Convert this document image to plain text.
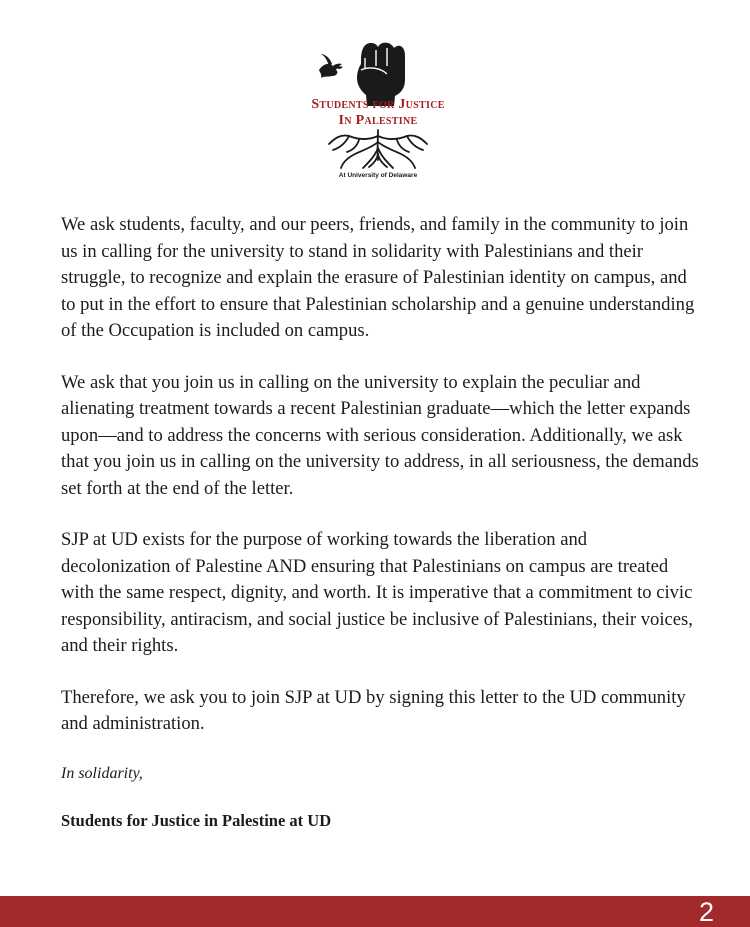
Students for Justice
In Palestine
At University of Delaware

We ask students, faculty, and our peers, friends, and family in the community to join us in calling for the university to stand in solidarity with Palestinians and their struggle, to recognize and explain the erasure of Palestinian identity on campus, and to put in the effort to ensure that Palestinian scholarship and a genuine understanding of the Occupation is included on campus.

We ask that you join us in calling on the university to explain the peculiar and alienating treatment towards a recent Palestinian graduate—which the letter expands upon—and to address the concerns with serious consideration. Additionally, we ask that you join us in calling on the university to address, in all seriousness, the demands set forth at the end of the letter.

SJP at UD exists for the purpose of working towards the liberation and decolonization of Palestine AND ensuring that Palestinians on campus are treated with the same respect, dignity, and worth. It is imperative that a commitment to civic responsibility, antiracism, and social justice be inclusive of Palestinians, their voices, and their rights.

Therefore, we ask you to join SJP at UD by signing this letter to the UD community and administration.

In solidarity,

Students for Justice in Palestine at UD

2
